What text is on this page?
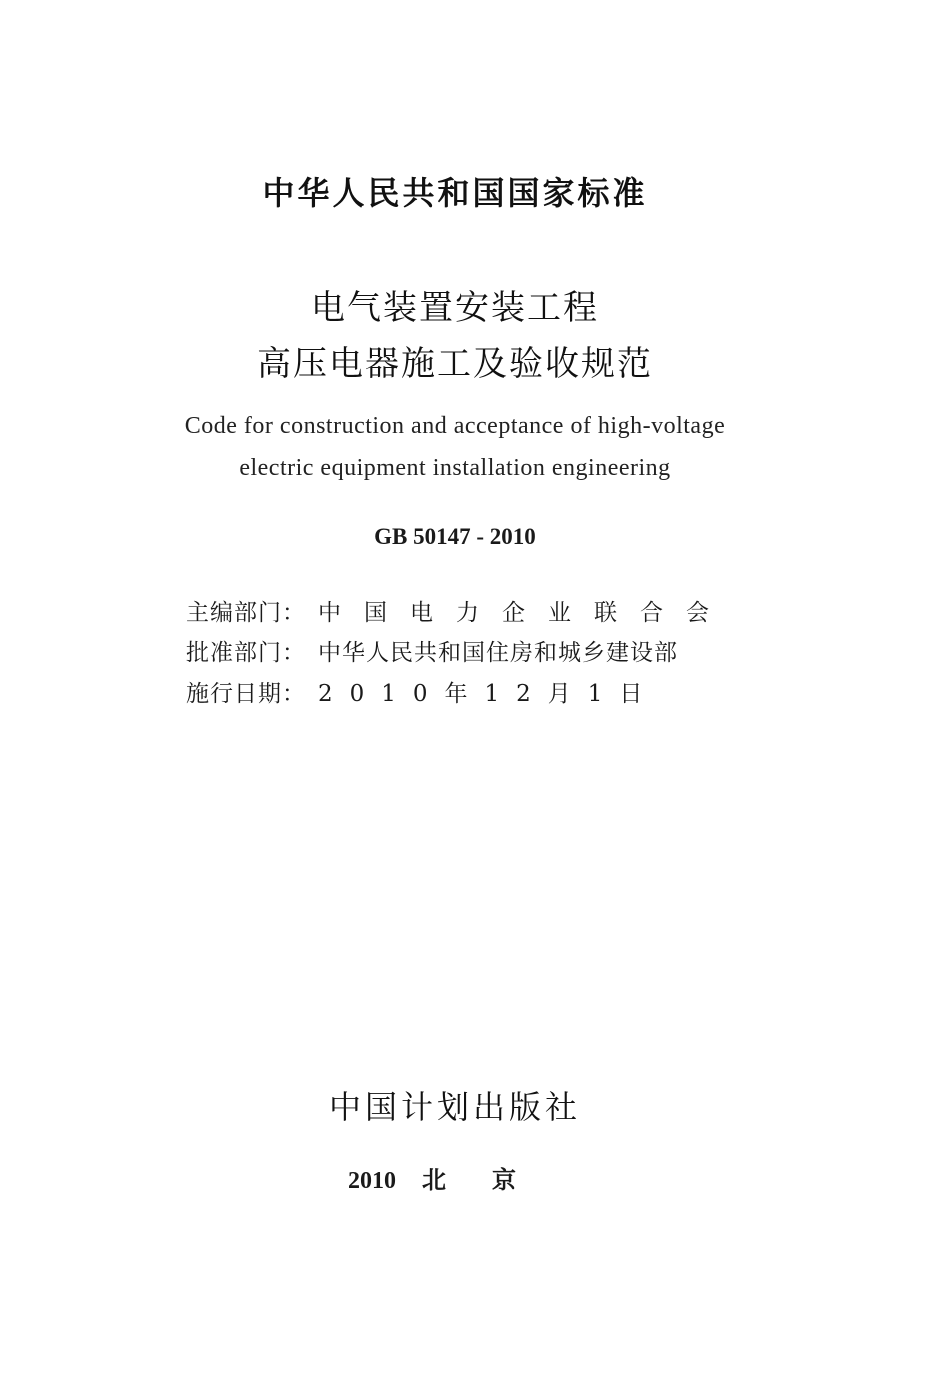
中华人民共和国国家标准
电气装置安装工程
高压电器施工及验收规范
Code for construction and acceptance of high-voltage
electric equipment installation engineering
GB 50147 - 2010
主编部门： 中国电力企业联合会
批准部门： 中华人民共和国住房和城乡建设部
施行日期： 2010年12月1日
中国计划出版社
2010 北京
